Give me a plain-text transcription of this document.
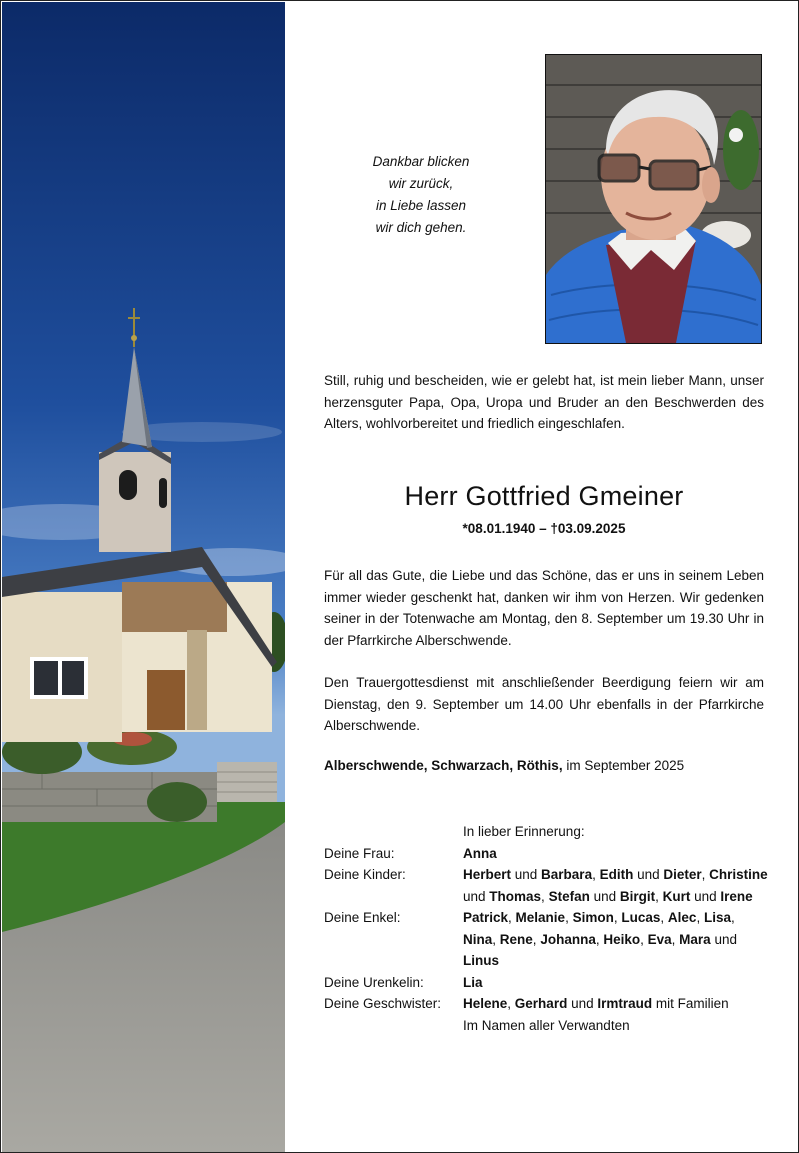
Dankbar blicken
wir zurück,
in Liebe lassen
wir dich gehen.
Still, ruhig und bescheiden, wie er gelebt hat, ist mein lieber Mann, unser herzensguter Papa, Opa, Uropa und Bruder an den Beschwerden des Alters, wohlvorbereitet und friedlich eingeschlafen.
Herr Gottfried Gmeiner
*08.01.1940 – †03.09.2025
Für all das Gute, die Liebe und das Schöne, das er uns in seinem Leben immer wieder geschenkt hat, danken wir ihm von Herzen. Wir gedenken seiner in der Totenwache am Montag, den 8. September um 19.30 Uhr in der Pfarrkirche Alberschwende.
Den Trauergottesdienst mit anschließender Beerdigung feiern wir am Dienstag, den 9. September um 14.00 Uhr ebenfalls in der Pfarrkirche Alberschwende.
Alberschwende, Schwarzach, Röthis, im September 2025
In lieber Erinnerung:
Deine Frau:	Anna
Deine Kinder:	Herbert und Barbara, Edith und Dieter, Christine und Thomas, Stefan und Birgit, Kurt und Irene
Deine Enkel:	Patrick, Melanie, Simon, Lucas, Alec, Lisa, Nina, Rene, Johanna, Heiko, Eva, Mara und Linus
Deine Urenkelin:	Lia
Deine Geschwister:	Helene, Gerhard und Irmtraud mit Familien
Im Namen aller Verwandten
